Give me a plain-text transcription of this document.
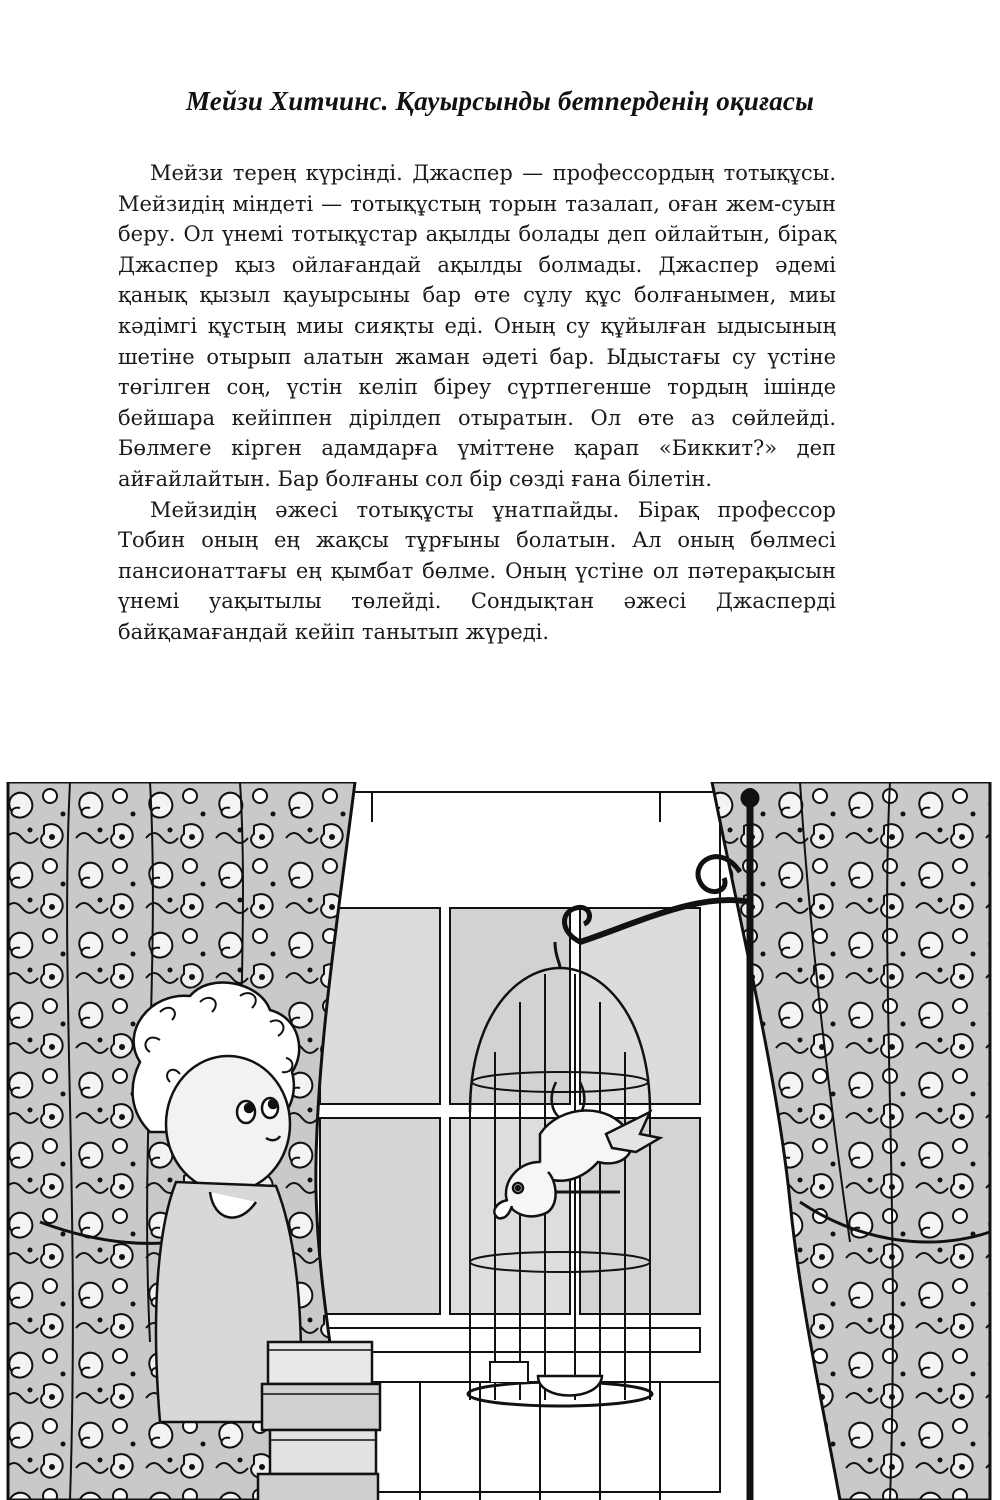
Мейзи Хитчинс. Қауырсынды бетперденің оқиғасы

Мейзи терең күрсінді. Джаспер — профессордың тотықұсы. Мейзидің міндеті — тотықұстың торын тазалап, оған жем-суын беру. Ол үнемі тотықұстар ақылды болады деп ойлайтын, бірақ Джаспер қыз ойлағандай ақылды болмады. Джаспер әдемі қанық қызыл қауырсыны бар өте сұлу құс болғанымен, миы кәдімгі құстың миы сияқты еді. Оның су құйылған ыдысының шетіне отырып алатын жаман әдеті бар. Ыдыстағы су үстіне төгілген соң, үстін келіп біреу сүртпегенше тордың ішінде бейшара кейіппен дірілдеп отыратын. Ол өте аз сөйлейді. Бөлмеге кірген адамдарға үміттене қарап «Биккит?» деп айғайлайтын. Бар болғаны сол бір сөзді ғана білетін.

Мейзидің әжесі тотықұсты ұнатпайды. Бірақ профессор Тобин оның ең жақсы тұрғыны болатын. Ал оның бөлмесі пансионаттағы ең қымбат бөлме. Оның үстіне ол пәтерақысын үнемі уақытылы төлейді. Сондықтан әжесі Джасперді байқамағандай кейіп танытып жүреді.
